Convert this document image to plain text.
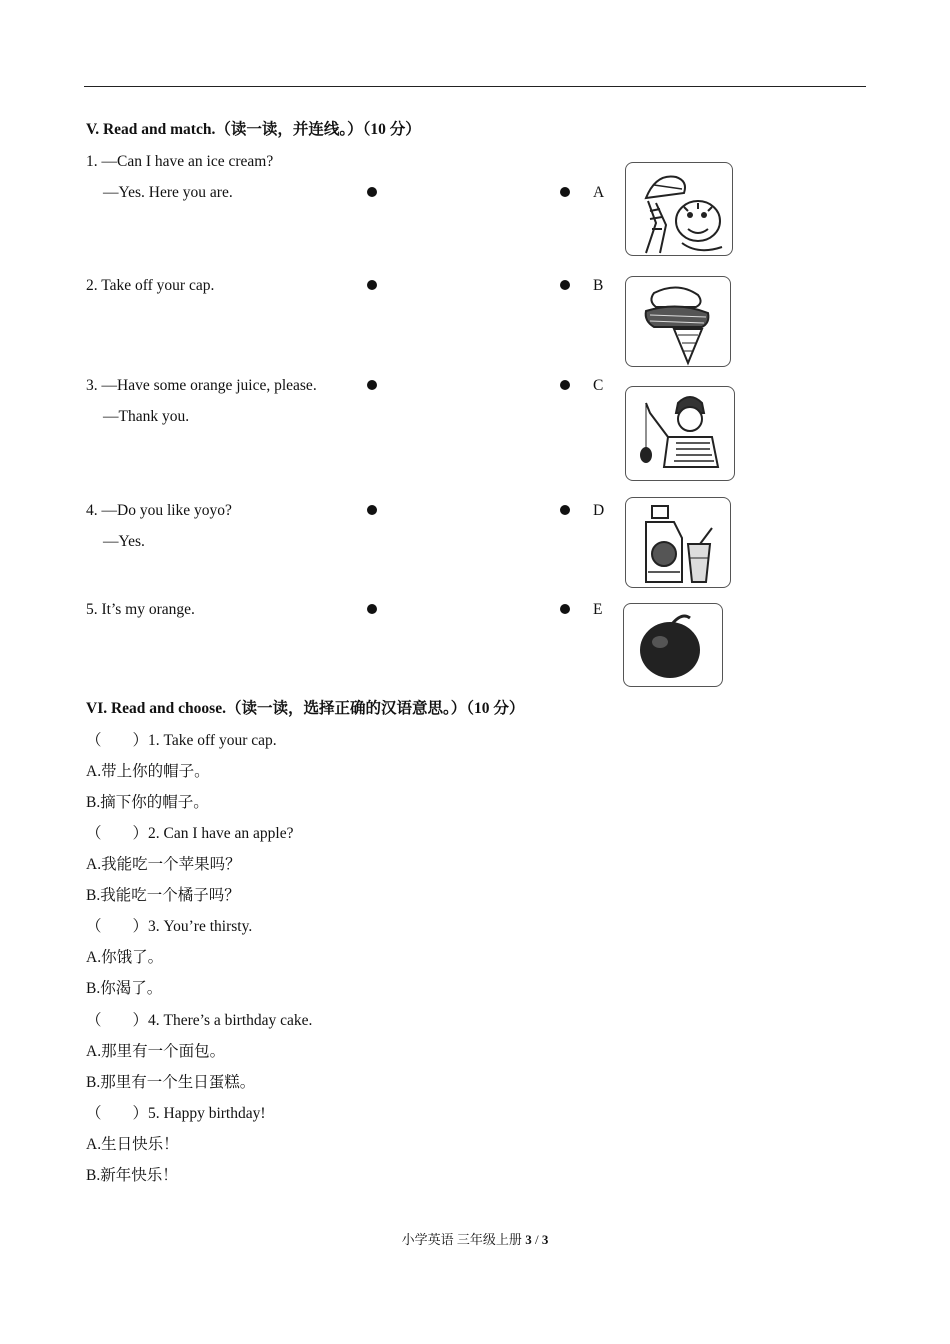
V. Read and match.（读一读，并连线。）（10 分）
1. —Can I have an ice cream?
—Yes. Here you are.
2. Take off your cap.
3. —Have some orange juice, please.
—Thank you.
4. —Do you like yoyo?
—Yes.
5. It’s my orange.
A
B
C
D
E
VI. Read and choose.（读一读，选择正确的汉语意思。）（10 分）
（　　）1. Take off your cap.
A.带上你的帽子。
B.摘下你的帽子。
（　　）2. Can I have an apple?
A.我能吃一个苹果吗？
B.我能吃一个橘子吗？
（　　）3. You’re thirsty.
A.你饿了。
B.你渴了。
（　　）4. There’s a birthday cake.
A.那里有一个面包。
B.那里有一个生日蛋糕。
（　　）5. Happy birthday!
A.生日快乐！
B.新年快乐！
小学英语 三年级上册 3 / 3
